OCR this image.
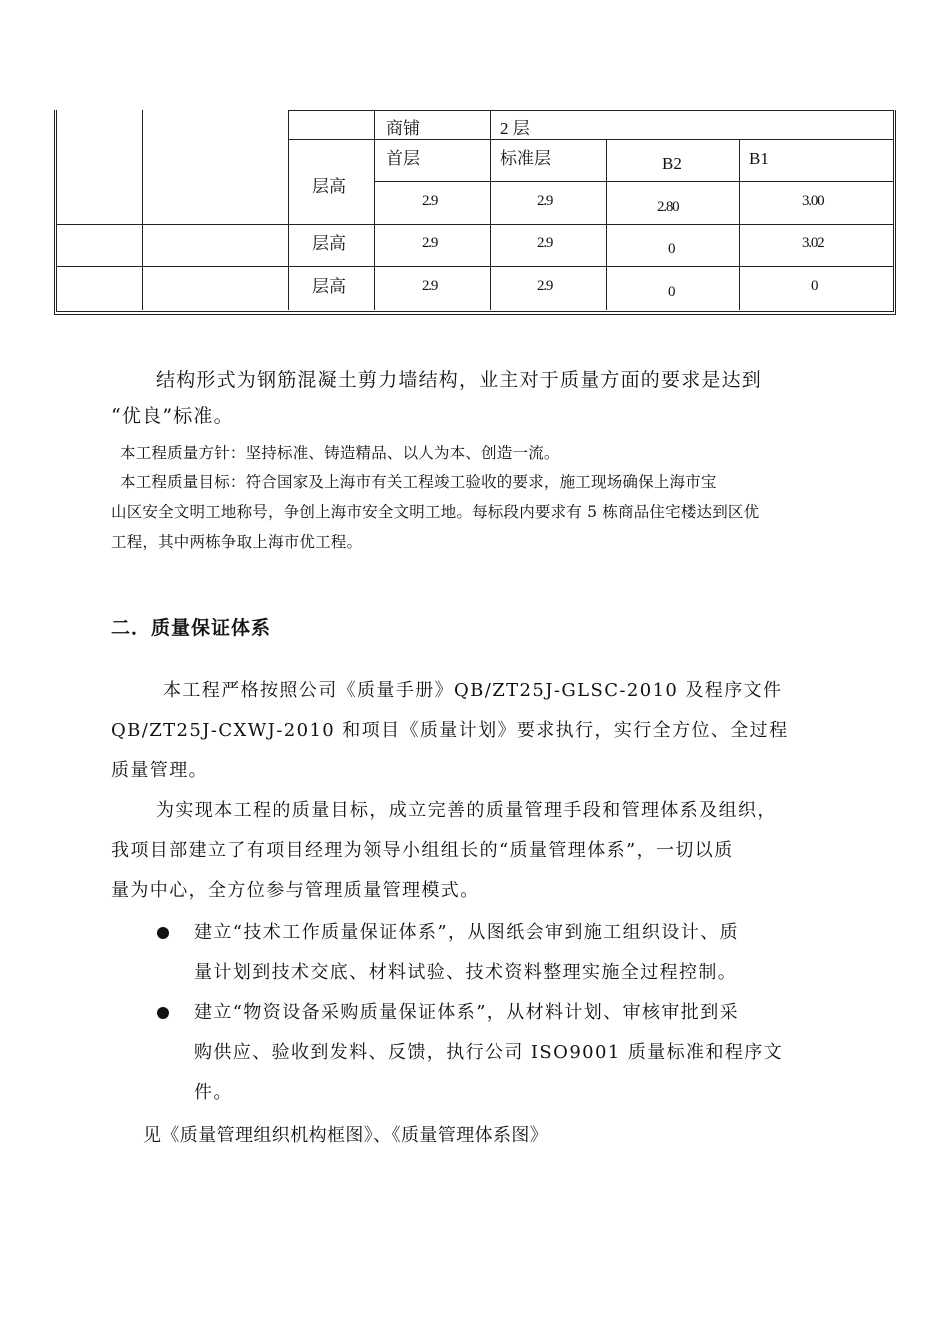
商铺	2 层
层高
首层	标准层	B2	B1
2.9	2.9	2.80	3.00
层高	2.9	2.9	0	3.02
层高	2.9	2.9	0	0

结构形式为钢筋混凝土剪力墙结构，业主对于质量方面的要求是达到

“优良”标准。

本工程质量方针：坚持标准、铸造精品、以人为本、创造一流。

本工程质量目标：符合国家及上海市有关工程竣工验收的要求，施工现场确保上海市宝

山区安全文明工地称号，争创上海市安全文明工地。每标段内要求有 5 栋商品住宅楼达到区优

工程，其中两栋争取上海市优工程。

二．质量保证体系

本工程严格按照公司《质量手册》QB/ZT25J-GLSC-2010 及程序文件

QB/ZT25J-CXWJ-2010 和项目《质量计划》要求执行，实行全方位、全过程

质量管理。

为实现本工程的质量目标，成立完善的质量管理手段和管理体系及组织，

我项目部建立了有项目经理为领导小组组长的“质量管理体系”，一切以质

量为中心，全方位参与管理质量管理模式。

建立“技术工作质量保证体系”，从图纸会审到施工组织设计、质

量计划到技术交底、材料试验、技术资料整理实施全过程控制。

建立“物资设备采购质量保证体系”，从材料计划、审核审批到采

购供应、验收到发料、反馈，执行公司 ISO9001 质量标准和程序文

件。

见《质量管理组织机构框图》、《质量管理体系图》
